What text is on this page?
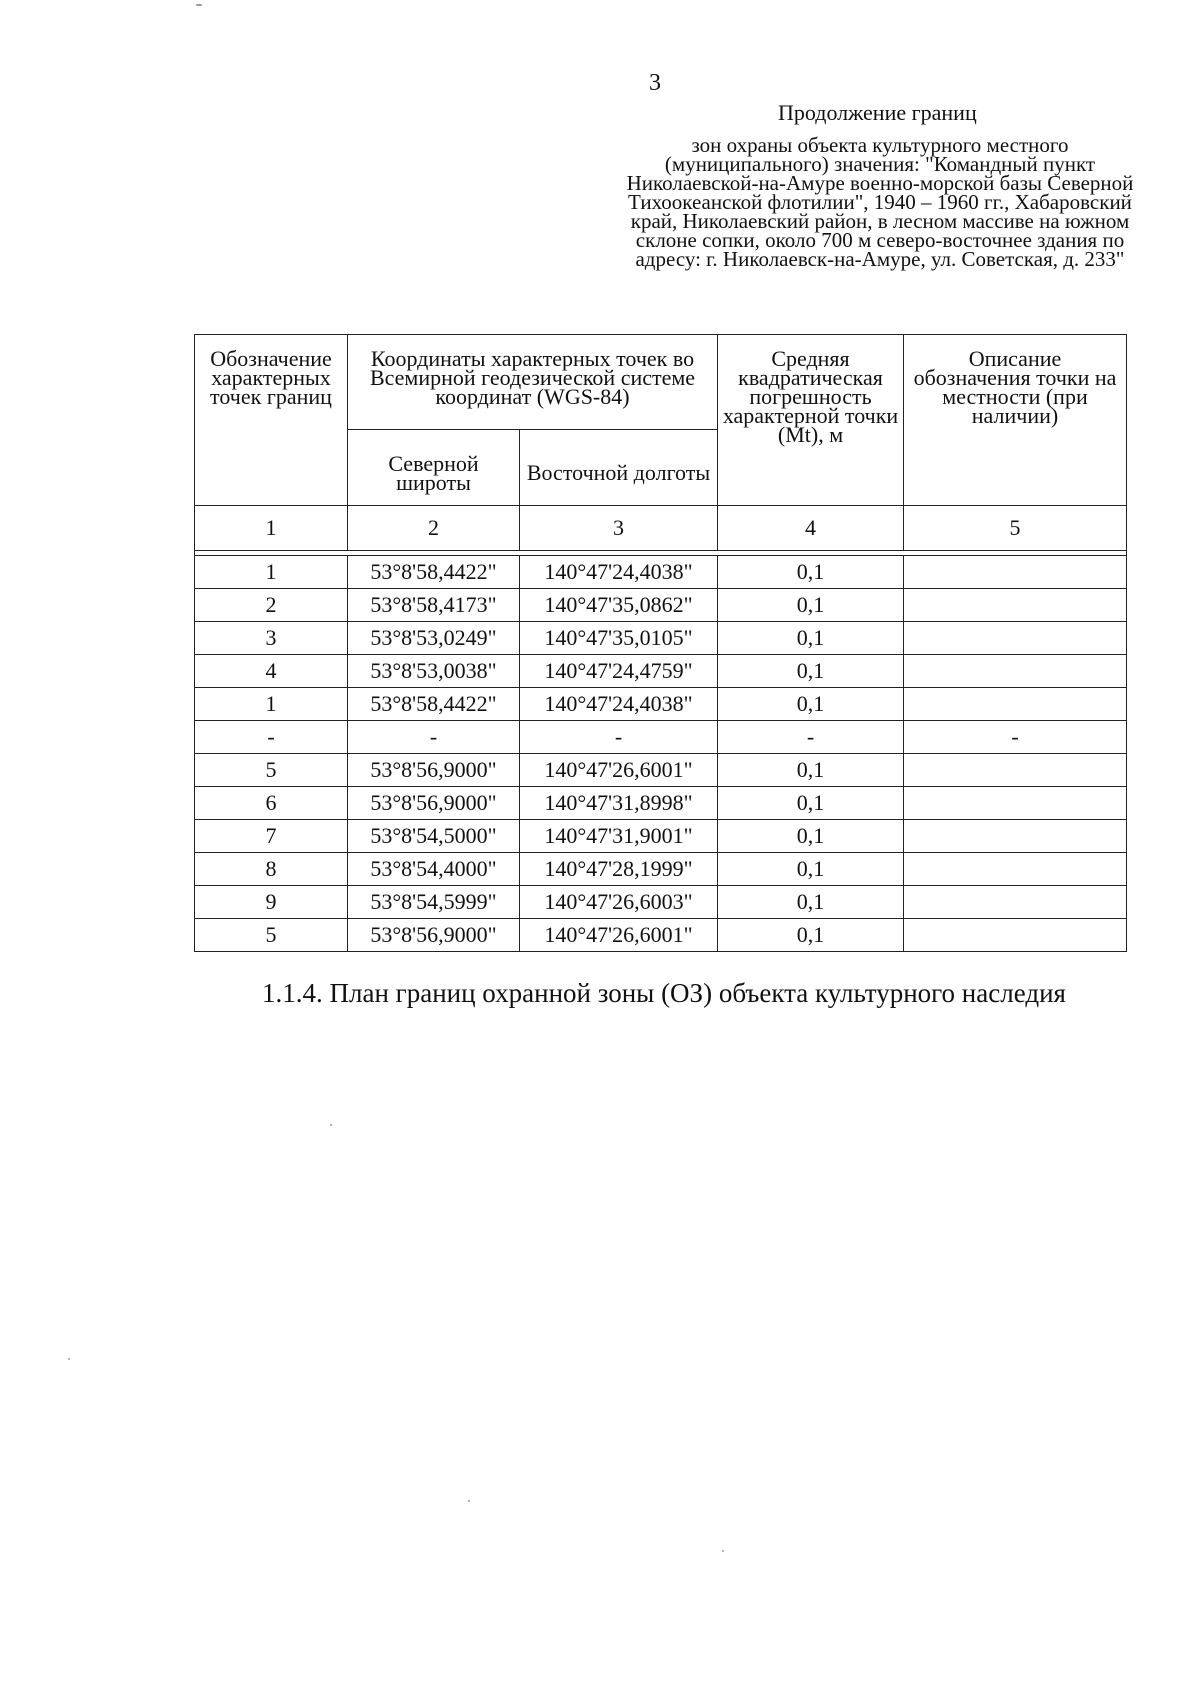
3
Продолжение границ
зон охраны объекта культурного местного (муниципального) значения: "Командный пункт Николаевской-на-Амуре военно-морской базы Северной Тихоокеанской флотилии", 1940 – 1960 гг., Хабаровский край, Николаевский район, в лесном массиве на южном склоне сопки, около 700 м северо-восточнее здания по адресу: г. Николаевск-на-Амуре, ул. Советская, д. 233"
Обозначение характерных точек границ	Координаты характерных точек во Всемирной геодезической системе координат (WGS-84)		Средняя квадратическая погрешность характерной точки (Mt), м	Описание обозначения точки на местности (при наличии)
	Северной широты	Восточной долготы		
1	2	3	4	5

1	53°8'58,4422"	140°47'24,4038"	0,1	
2	53°8'58,4173"	140°47'35,0862"	0,1	
3	53°8'53,0249"	140°47'35,0105"	0,1	
4	53°8'53,0038"	140°47'24,4759"	0,1	
1	53°8'58,4422"	140°47'24,4038"	0,1	
-	-	-	-	-
5	53°8'56,9000"	140°47'26,6001"	0,1	
6	53°8'56,9000"	140°47'31,8998"	0,1	
7	53°8'54,5000"	140°47'31,9001"	0,1	
8	53°8'54,4000"	140°47'28,1999"	0,1	
9	53°8'54,5999"	140°47'26,6003"	0,1	
5	53°8'56,9000"	140°47'26,6001"	0,1	
1.1.4. План границ охранной зоны (ОЗ) объекта культурного наследия
